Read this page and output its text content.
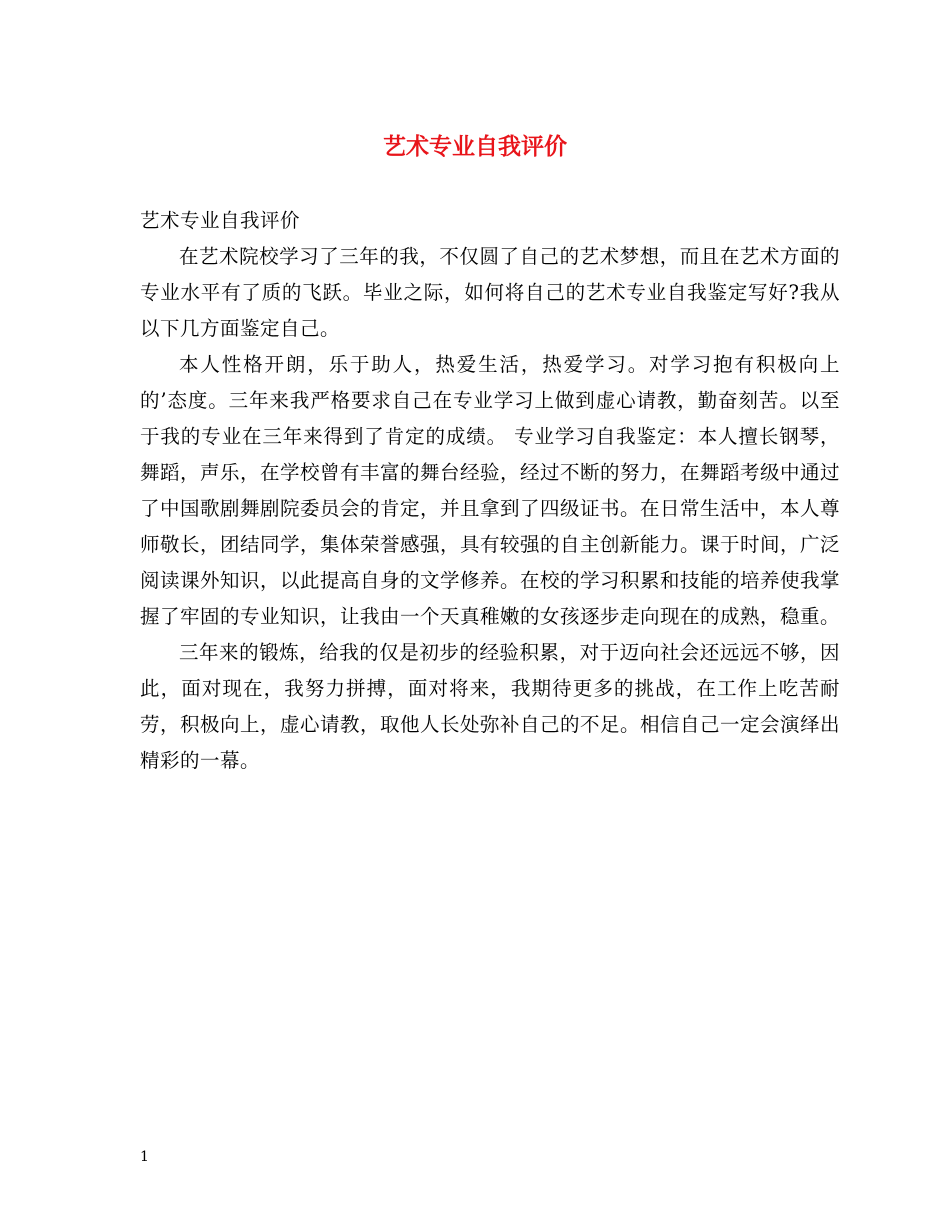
艺术专业自我评价

艺术专业自我评价

在艺术院校学习了三年的我，不仅圆了自己的艺术梦想，而且在艺术方面的专业水平有了质的飞跃。毕业之际，如何将自己的艺术专业自我鉴定写好?我从以下几方面鉴定自己。

本人性格开朗，乐于助人，热爱生活，热爱学习。对学习抱有积极向上的’态度。三年来我严格要求自己在专业学习上做到虚心请教，勤奋刻苦。以至于我的专业在三年来得到了肯定的成绩。 专业学习自我鉴定：本人擅长钢琴，舞蹈，声乐，在学校曾有丰富的舞台经验，经过不断的努力，在舞蹈考级中通过了中国歌剧舞剧院委员会的肯定，并且拿到了四级证书。在日常生活中，本人尊师敬长，团结同学，集体荣誉感强，具有较强的自主创新能力。课于时间，广泛阅读课外知识，以此提高自身的文学修养。在校的学习积累和技能的培养使我掌握了牢固的专业知识，让我由一个天真稚嫩的女孩逐步走向现在的成熟，稳重。

三年来的锻炼，给我的仅是初步的经验积累，对于迈向社会还远远不够，因此，面对现在，我努力拼搏，面对将来，我期待更多的挑战，在工作上吃苦耐劳，积极向上，虚心请教，取他人长处弥补自己的不足。相信自己一定会演绎出精彩的一幕。

1
